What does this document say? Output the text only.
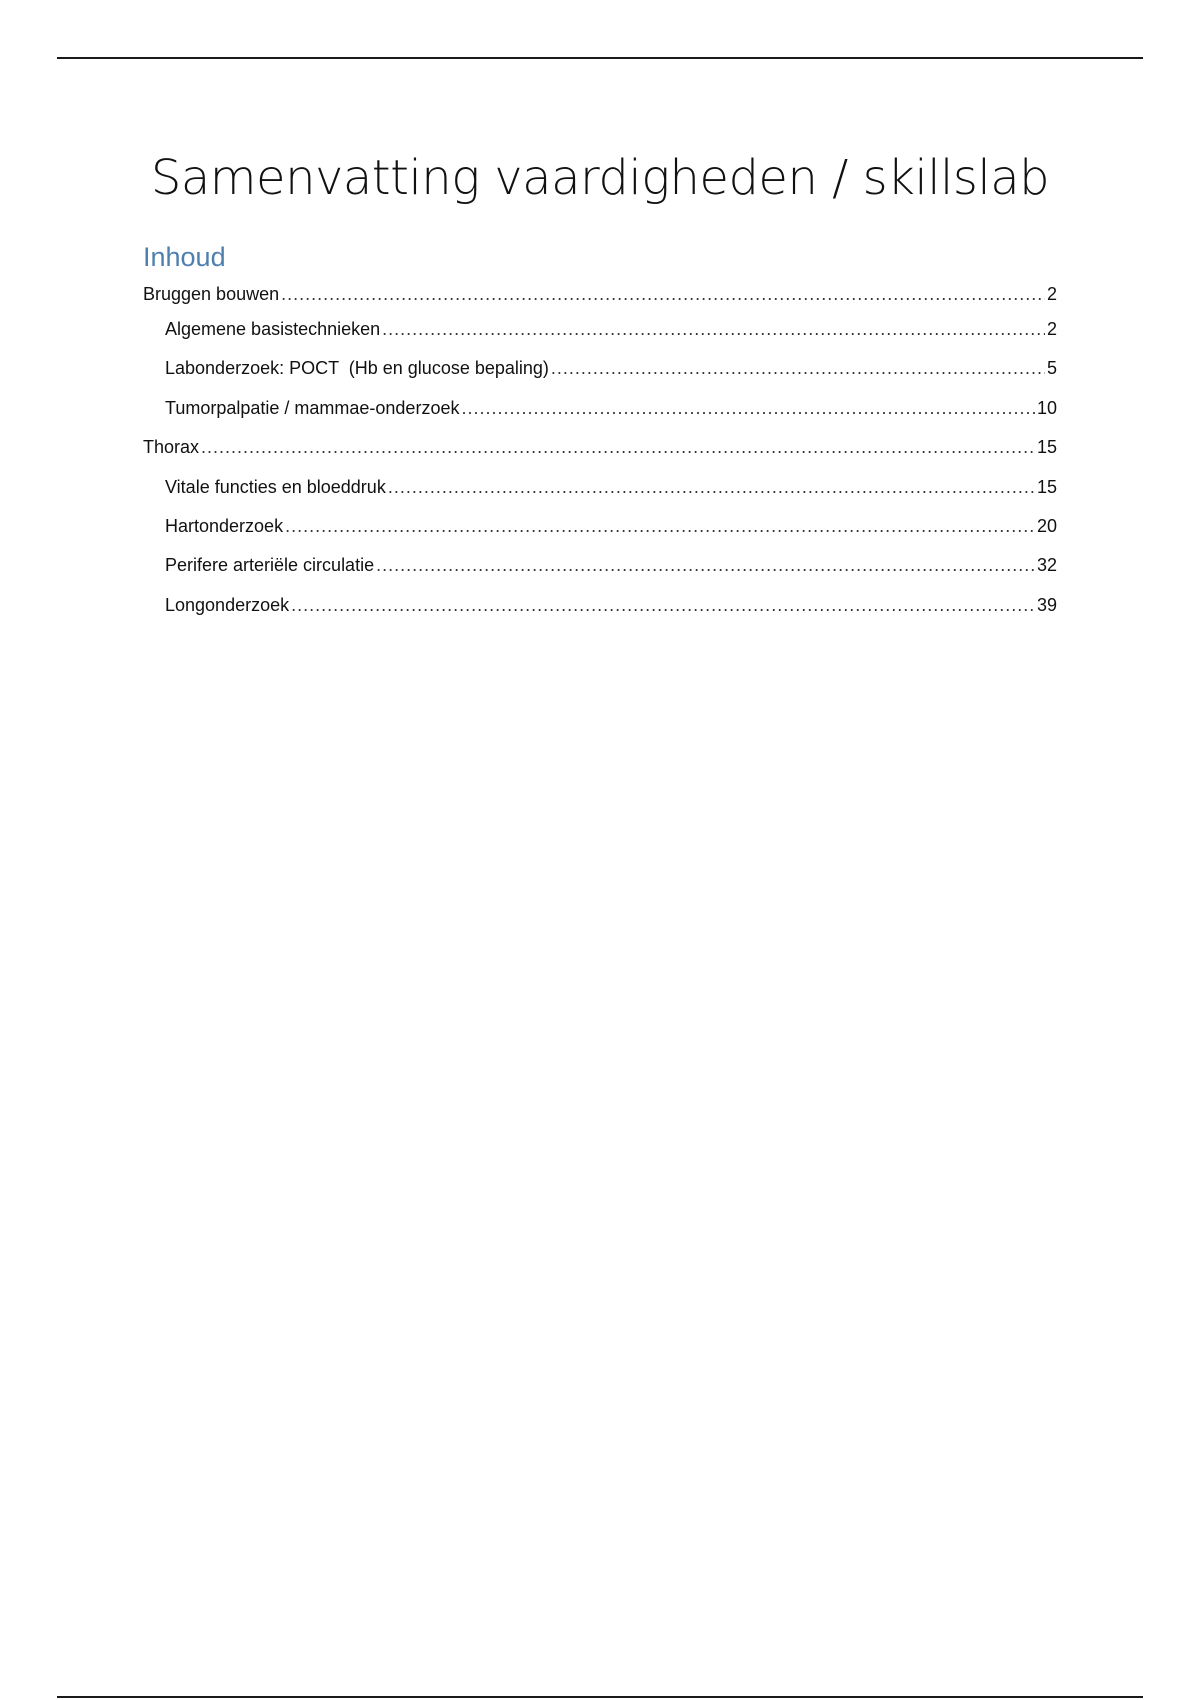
Samenvatting vaardigheden / skillslab
Inhoud
Bruggen bouwen .....	2
Algemene basistechnieken .....	2
Labonderzoek: POCT  (Hb en glucose bepaling) .....	5
Tumorpalpatie / mammae-onderzoek .....	10
Thorax .....	15
Vitale functies en bloeddruk .....	15
Hartonderzoek .....	20
Perifere arteriële circulatie .....	32
Longonderzoek .....	39
